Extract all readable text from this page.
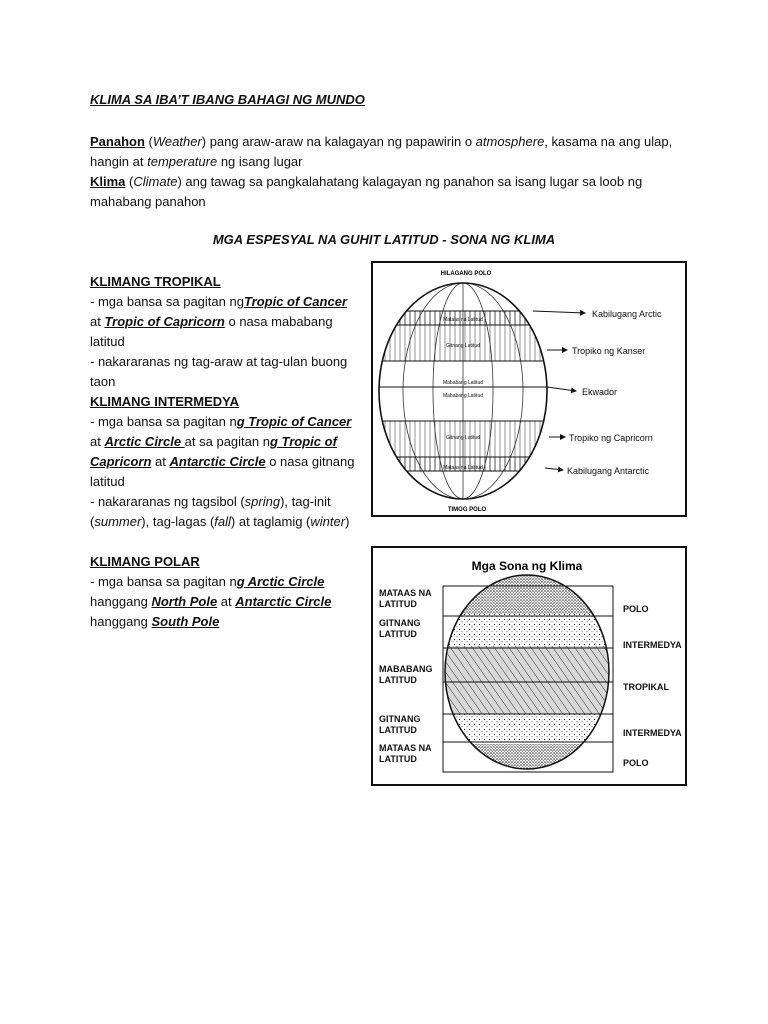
KLIMA SA IBA’T IBANG BAHAGI NG MUNDO
Panahon (Weather) pang araw-araw na kalagayan ng papawirin o atmosphere, kasama na ang ulap, hangin at temperature ng isang lugar
Klima (Climate) ang tawag sa pangkalahatang kalagayan ng panahon sa isang lugar sa loob ng mahabang panahon
MGA ESPESYAL NA GUHIT LATITUD - SONA NG KLIMA
KLIMANG TROPIKAL

- mga bansa sa pagitan ngTropic of Cancer at Tropic of Capricorn o nasa mababang latitud

- nakararanas ng tag-araw at tag-ulan buong taon

KLIMANG INTERMEDYA

- mga bansa sa pagitan ng Tropic of Cancer at Arctic Circle at sa pagitan ng Tropic of Capricorn at Antarctic Circle o nasa gitnang latitud

- nakararanas ng tagsibol (spring), tag-init (summer), tag-lagas (fall) at taglamig (winter)

KLIMANG POLAR

- mga bansa sa pagitan ng Arctic Circle hanggang North Pole at Antarctic Circle hanggang South Pole

HILAGANG POLO
Mataas na Latitud
Gitnang Latitud
Mababang Latitud
Mababang Latitud
Gitnang Latitud
Mataas na Latitud
Kabilugang Arctic
Tropiko ng Kanser
Ekwador
Tropiko ng Capricorn
Kabilugang Antarctic
TIMOG POLO
Mga Sona ng Klima
MATAAS NA LATITUD
GITNANG LATITUD
MABABANG LATITUD
GITNANG LATITUD
MATAAS NA LATITUD
POLO
INTERMEDYA
TROPIKAL
INTERMEDYA
POLO
